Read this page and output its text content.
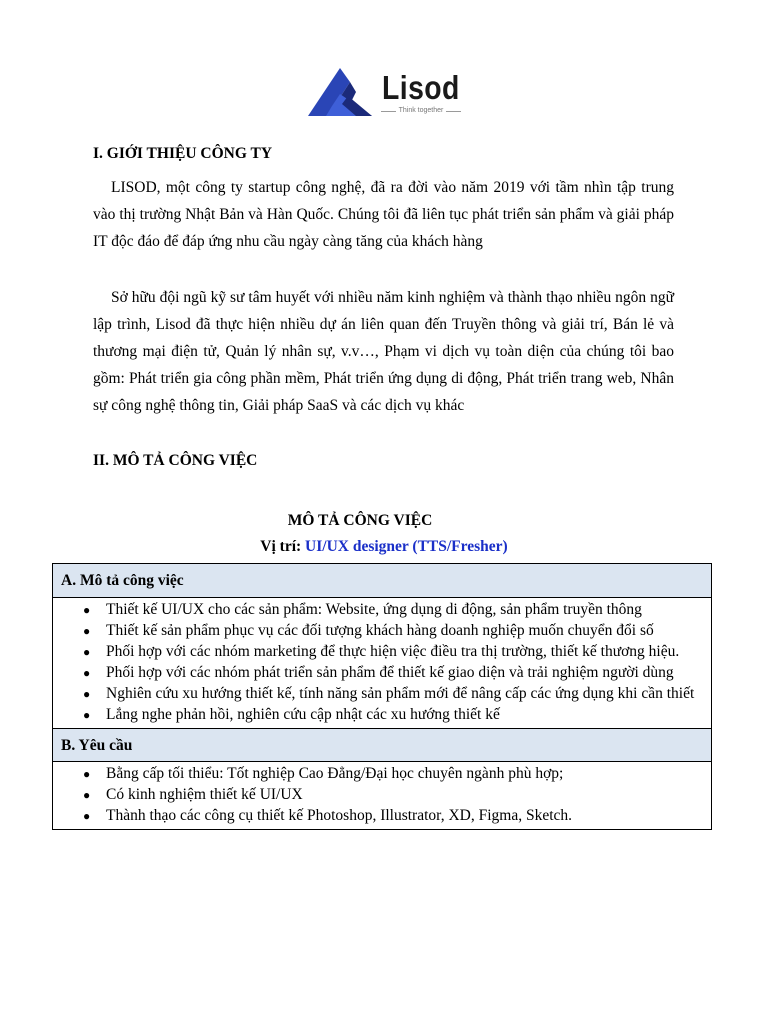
Lisod
Think together
I. GIỚI THIỆU CÔNG TY

LISOD, một công ty startup công nghệ, đã ra đời vào năm 2019 với tầm nhìn tập trung vào thị trường Nhật Bản và Hàn Quốc. Chúng tôi đã liên tục phát triển sản phẩm và giải pháp IT độc đáo để đáp ứng nhu cầu ngày càng tăng của khách hàng

Sở hữu đội ngũ kỹ sư tâm huyết với nhiều năm kinh nghiệm và thành thạo nhiều ngôn ngữ lập trình, Lisod đã thực hiện nhiều dự án liên quan đến Truyền thông và giải trí, Bán lẻ và thương mại điện tử, Quản lý nhân sự, v.v…, Phạm vi dịch vụ toàn diện của chúng tôi bao gồm: Phát triển gia công phần mềm, Phát triển ứng dụng di động, Phát triển trang web, Nhân sự công nghệ thông tin, Giải pháp SaaS và các dịch vụ khác

II. MÔ TẢ CÔNG VIỆC
MÔ TẢ CÔNG VIỆC
Vị trí: UI/UX designer (TTS/Fresher)
A. Mô tả công việc
● Thiết kế UI/UX cho các sản phẩm: Website, ứng dụng di động, sản phẩm truyền thông
● Thiết kế sản phẩm phục vụ các đối tượng khách hàng doanh nghiệp muốn chuyển đổi số
● Phối hợp với các nhóm marketing để thực hiện việc điều tra thị trường, thiết kế thương hiệu.
● Phối hợp với các nhóm phát triển sản phẩm để thiết kế giao diện và trải nghiệm người dùng
● Nghiên cứu xu hướng thiết kế, tính năng sản phẩm mới để nâng cấp các ứng dụng khi cần thiết
● Lắng nghe phản hồi, nghiên cứu cập nhật các xu hướng thiết kế
B. Yêu cầu
● Bằng cấp tối thiểu: Tốt nghiệp Cao Đẳng/Đại học chuyên ngành phù hợp;
● Có kinh nghiệm thiết kế UI/UX
● Thành thạo các công cụ thiết kế Photoshop, Illustrator, XD, Figma, Sketch.
